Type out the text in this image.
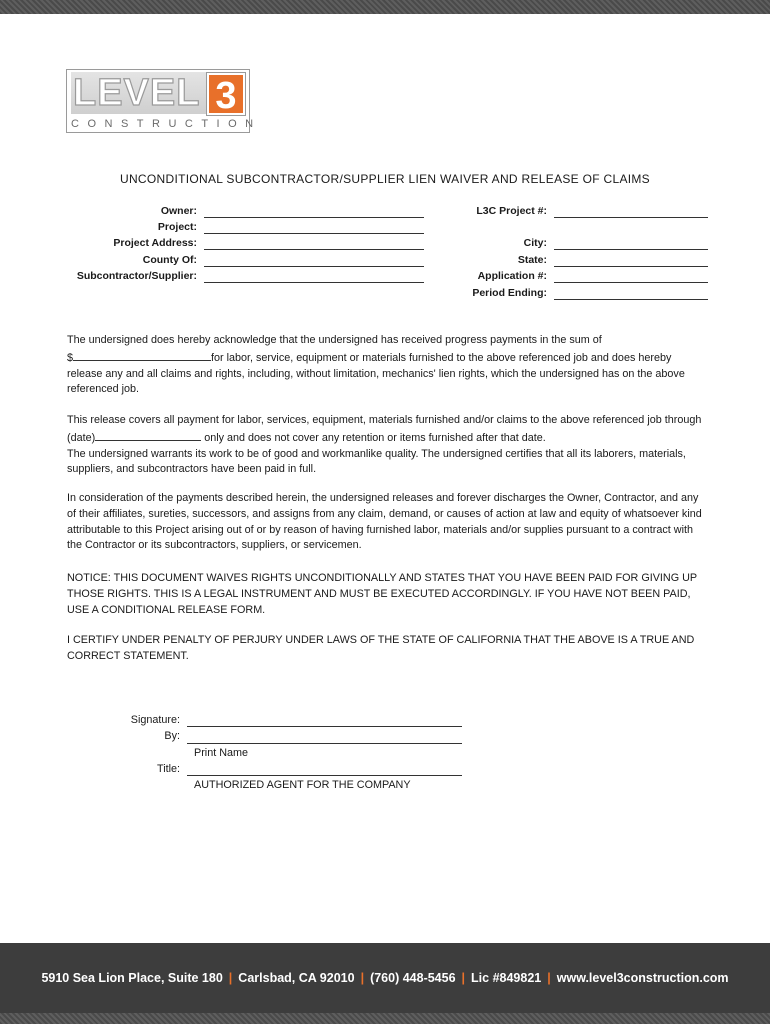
LEVEL 3
CONSTRUCTION
UNCONDITIONAL SUBCONTRACTOR/SUPPLIER LIEN WAIVER AND RELEASE OF CLAIMS
Owner:
Project:
Project Address:
County Of:
Subcontractor/Supplier:
L3C Project #:
City:
State:
Application #:
Period Ending:

The undersigned does hereby acknowledge that the undersigned has received progress payments in the sum of
$	for labor, service, equipment or materials furnished to the above referenced job and does hereby release any and all claims and rights, including, without limitation, mechanics' lien rights, which the undersigned has on the above referenced job.

This release covers all payment for labor, services, equipment, materials furnished and/or claims to the above referenced job through (date)	only and does not cover any retention or items furnished after that date.
The undersigned warrants its work to be of good and workmanlike quality. The undersigned certifies that all its laborers, materials, suppliers, and subcontractors have been paid in full.

In consideration of the payments described herein, the undersigned releases and forever discharges the Owner, Contractor, and any of their affiliates, sureties, successors, and assigns from any claim, demand, or causes of action at law and equity of whatsoever kind attributable to this Project arising out of or by reason of having furnished labor, materials and/or supplies pursuant to a contract with the Contractor or its subcontractors, suppliers, or servicemen.

NOTICE: THIS DOCUMENT WAIVES RIGHTS UNCONDITIONALLY AND STATES THAT YOU HAVE BEEN PAID FOR GIVING UP THOSE RIGHTS. THIS IS A LEGAL INSTRUMENT AND MUST BE EXECUTED ACCORDINGLY. IF YOU HAVE NOT BEEN PAID, USE A CONDITIONAL RELEASE FORM.

I CERTIFY UNDER PENALTY OF PERJURY UNDER LAWS OF THE STATE OF CALIFORNIA THAT THE ABOVE IS A TRUE AND CORRECT STATEMENT.

Signature:
By:
Print Name
Title:
AUTHORIZED AGENT FOR THE COMPANY
5910 Sea Lion Place, Suite 180 | Carlsbad, CA 92010 | (760) 448-5456 | Lic #849821 | www.level3construction.com
